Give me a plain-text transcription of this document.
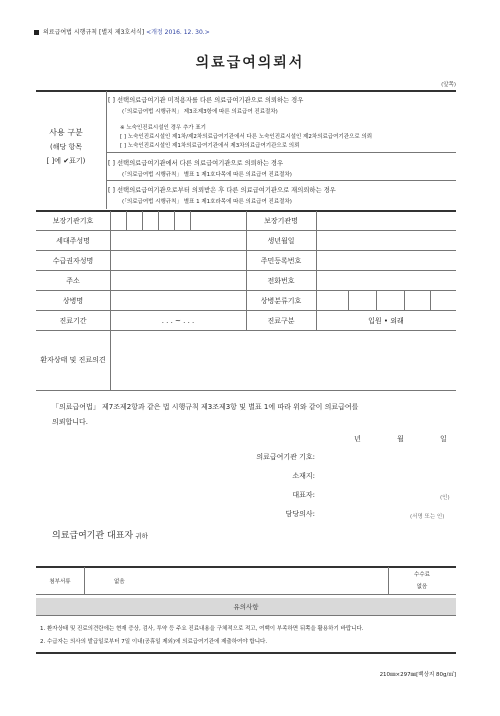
의료급여법 시행규칙 [별지 제3호서식] <개정 2016. 12. 30.>
의료급여의뢰서
(앞쪽)
사용 구분
(해당 항목
[ ]에 ✔표기)
[ ] 선택의료급여기관 미적용자를 다른 의료급여기관으로 의뢰하는 경우
(「의료급여법 시행규칙」 제3조제3항에 따른 의료급여 진료절차)
※ 노숙인진료시설인 경우 추가 표기
[ ] 노숙인진료시설인 제1차/제2차의료급여기관에서 다른 노숙인진료시설인 제2차의료급여기관으로 의뢰
[ ] 노숙인진료시설인 제1차의료급여기관에서 제3차의료급여기관으로 의뢰
[ ] 선택의료급여기관에서 다른 의료급여기관으로 의뢰하는 경우
(「의료급여법 시행규칙」 별표 1 제1호다목에 따른 의료급여 진료절차)
[ ] 선택의료급여기관으로부터 의뢰받은 후 다른 의료급여기관으로 재의뢰하는 경우
(「의료급여법 시행규칙」 별표 1 제1호라목에 따른 의료급여 진료절차)
보장기관기호	보장기관명
세대주성명	생년월일
수급권자성명	주민등록번호
주소	전화번호
상병명	상병분류기호
진료기간	. . . ~ . . .	진료구분	입원 • 외래
환자상태 및 진료의견
「의료급여법」 제7조제2항과 같은 법 시행규칙 제3조제3항 및 별표 1에 따라 위와 같이 의료급여를
의뢰합니다.
년	월	일
의료급여기관 기호:
소재지:
대표자:	(인)
담당의사:	(서명 또는 인)
의료급여기관 대표자 귀하
첨부서류	없음
수수료
없음
유의사항
1. 환자상태 및 진료의견란에는 현재 증상, 검사, 투약 등 주요 진료내용을 구체적으로 적고, 여백이 부족하면 뒤쪽을 활용하기 바랍니다.
2. 수급자는 의사의 발급일로부터 7일 이내(공휴일 제외)에 의료급여기관에 제출하여야 합니다.
210㎜×297㎜[백상지 80g/㎡]
